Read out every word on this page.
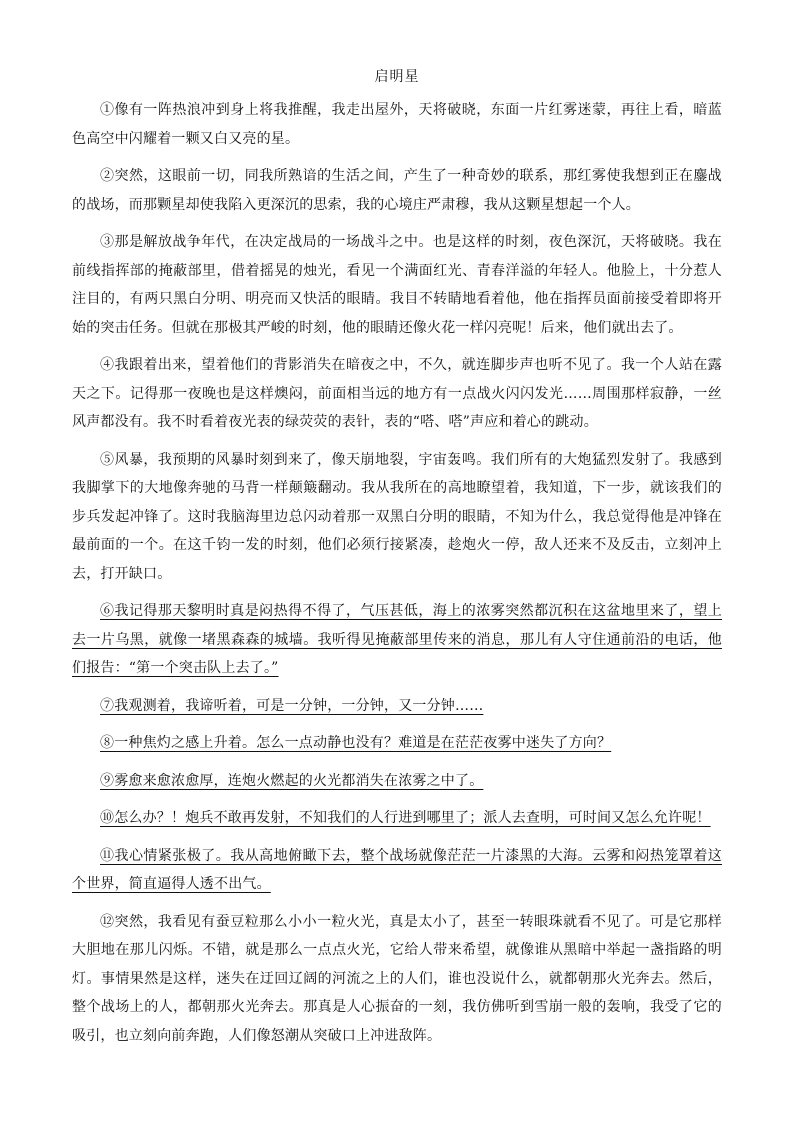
启明星

①像有一阵热浪冲到身上将我推醒，我走出屋外，天将破晓，东面一片红雾迷蒙，再往上看，暗蓝色高空中闪耀着一颗又白又亮的星。

②突然，这眼前一切，同我所熟谙的生活之间，产生了一种奇妙的联系，那红雾使我想到正在鏖战的战场，而那颗星却使我陷入更深沉的思索，我的心境庄严肃穆，我从这颗星想起一个人。

③那是解放战争年代，在决定战局的一场战斗之中。也是这样的时刻，夜色深沉，天将破晓。我在前线指挥部的掩蔽部里，借着摇晃的烛光，看见一个满面红光、青春洋溢的年轻人。他脸上，十分惹人注目的，有两只黑白分明、明亮而又快活的眼睛。我目不转睛地看着他，他在指挥员面前接受着即将开始的突击任务。但就在那极其严峻的时刻，他的眼睛还像火花一样闪亮呢！后来，他们就出去了。

④我跟着出来，望着他们的背影消失在暗夜之中，不久，就连脚步声也听不见了。我一个人站在露天之下。记得那一夜晚也是这样燠闷，前面相当远的地方有一点战火闪闪发光……周围那样寂静，一丝风声都没有。我不时看着夜光表的绿荧荧的表针，表的“嗒、嗒”声应和着心的跳动。

⑤风暴，我预期的风暴时刻到来了，像天崩地裂，宇宙轰鸣。我们所有的大炮猛烈发射了。我感到我脚掌下的大地像奔驰的马背一样颠簸翻动。我从我所在的高地瞭望着，我知道，下一步，就该我们的步兵发起冲锋了。这时我脑海里边总闪动着那一双黑白分明的眼睛，不知为什么，我总觉得他是冲锋在最前面的一个。在这千钧一发的时刻，他们必须行接紧凑，趁炮火一停，敌人还来不及反击，立刻冲上去，打开缺口。

⑥我记得那天黎明时真是闷热得不得了，气压甚低，海上的浓雾突然都沉积在这盆地里来了，望上去一片乌黑，就像一堵黑森森的城墙。我听得见掩蔽部里传来的消息，那儿有人守住通前沿的电话，他们报告：“第一个突击队上去了。”

⑦我观测着，我谛听着，可是一分钟，一分钟，又一分钟……

⑧一种焦灼之感上升着。怎么一点动静也没有？难道是在茫茫夜雾中迷失了方向？

⑨雾愈来愈浓愈厚，连炮火燃起的火光都消失在浓雾之中了。

⑩怎么办？！炮兵不敢再发射，不知我们的人行进到哪里了；派人去查明，可时间又怎么允许呢！

⑪我心情紧张极了。我从高地俯瞰下去，整个战场就像茫茫一片漆黑的大海。云雾和闷热笼罩着这个世界，简直逼得人透不出气。

⑫突然，我看见有蚕豆粒那么小小一粒火光，真是太小了，甚至一转眼珠就看不见了。可是它那样大胆地在那儿闪烁。不错，就是那么一点点火光，它给人带来希望，就像谁从黑暗中举起一盏指路的明灯。事情果然是这样，迷失在迂回辽阔的河流之上的人们，谁也没说什么，就都朝那火光奔去。然后，整个战场上的人，都朝那火光奔去。那真是人心振奋的一刻，我仿佛听到雪崩一般的轰响，我受了它的吸引，也立刻向前奔跑，人们像怒潮从突破口上冲进敌阵。
